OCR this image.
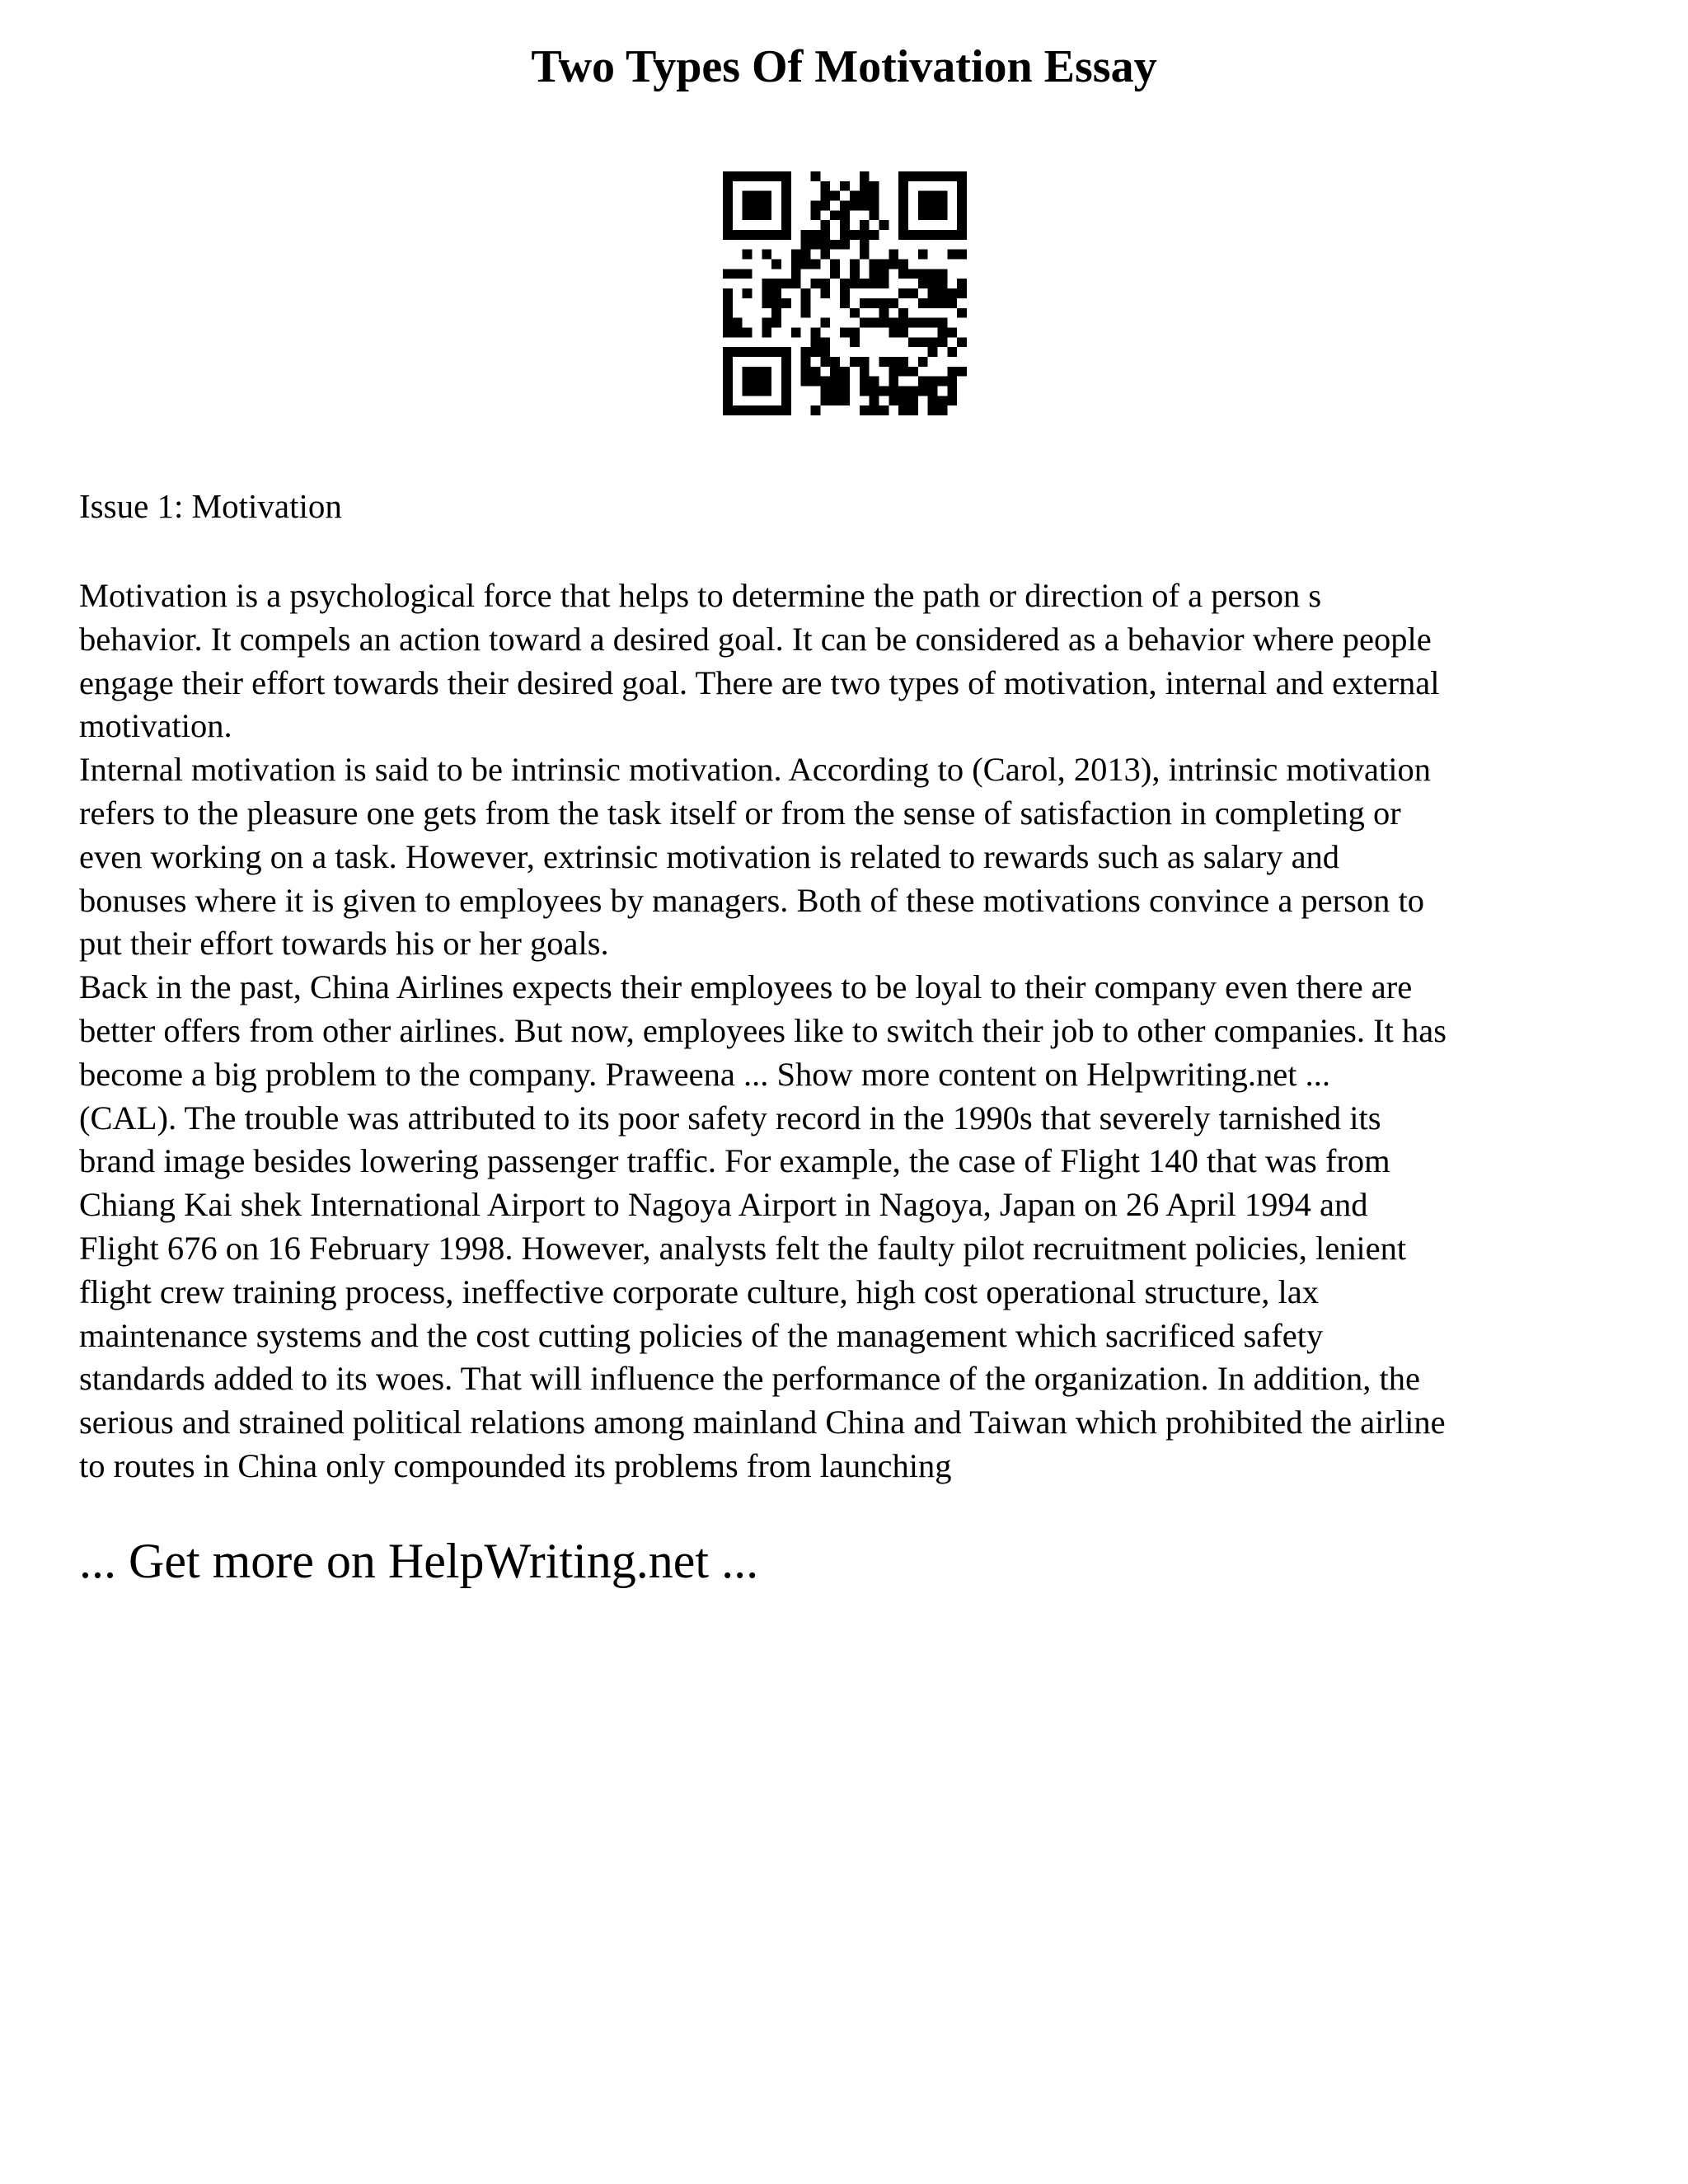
Two Types Of Motivation Essay

Issue 1: Motivation

Motivation is a psychological force that helps to determine the path or direction of a person s
behavior. It compels an action toward a desired goal. It can be considered as a behavior where people
engage their effort towards their desired goal. There are two types of motivation, internal and external
motivation.
Internal motivation is said to be intrinsic motivation. According to (Carol, 2013), intrinsic motivation
refers to the pleasure one gets from the task itself or from the sense of satisfaction in completing or
even working on a task. However, extrinsic motivation is related to rewards such as salary and
bonuses where it is given to employees by managers. Both of these motivations convince a person to
put their effort towards his or her goals.
Back in the past, China Airlines expects their employees to be loyal to their company even there are
better offers from other airlines. But now, employees like to switch their job to other companies. It has
become a big problem to the company. Praweena ... Show more content on Helpwriting.net ...
(CAL). The trouble was attributed to its poor safety record in the 1990s that severely tarnished its
brand image besides lowering passenger traffic. For example, the case of Flight 140 that was from
Chiang Kai shek International Airport to Nagoya Airport in Nagoya, Japan on 26 April 1994 and
Flight 676 on 16 February 1998. However, analysts felt the faulty pilot recruitment policies, lenient
flight crew training process, ineffective corporate culture, high cost operational structure, lax
maintenance systems and the cost cutting policies of the management which sacrificed safety
standards added to its woes. That will influence the performance of the organization. In addition, the
serious and strained political relations among mainland China and Taiwan which prohibited the airline
to routes in China only compounded its problems from launching
... Get more on HelpWriting.net ...
